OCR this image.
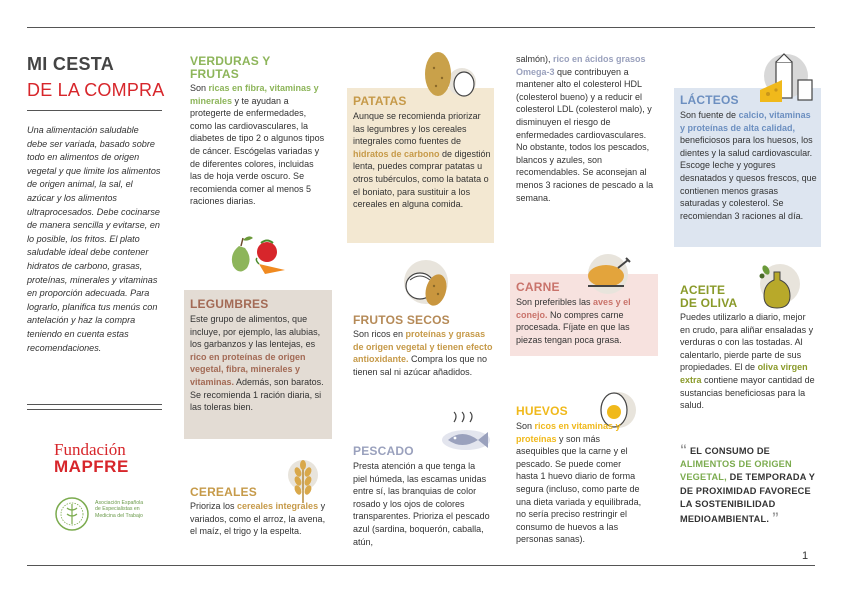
MI CESTA
DE LA COMPRA
Una alimentación saludable debe ser variada, basado sobre todo en alimentos de origen vegetal y que limite los alimentos de origen animal, la sal, el azúcar y los alimentos ultraprocesados. Debe cocinarse de manera sencilla y evitarse, en lo posible, los fritos. El plato saludable ideal debe contener hidratos de carbono, grasas, proteínas, minerales y vitaminas en proporción adecuada. Para lograrlo, planifica tus menús con antelación y haz la compra teniendo en cuenta estas recomendaciones.
Fundación
MAPFRE
Asociación Española de Especialistas en Medicina del Trabajo
VERDURAS Y
FRUTAS
Son ricas en fibra, vitaminas y minerales y te ayudan a protegerte de enfermedades, como las cardiovasculares, la diabetes de tipo 2 o algunos tipos de cáncer. Escógelas variadas y de diferentes colores, incluidas las de hoja verde oscuro. Se recomienda comer al menos 5 raciones diarias.
LEGUMBRES
Este grupo de alimentos, que incluye, por ejemplo, las alubias, los garbanzos y las lentejas, es rico en proteínas de origen vegetal, fibra, minerales y vitaminas. Además, son baratos. Se recomienda 1 ración diaria, si las toleras bien.
CEREALES
Prioriza los cereales integrales y variados, como el arroz, la avena, el maíz, el trigo y la espelta.
PATATAS
Aunque se recomienda priorizar las legumbres y los cereales integrales como fuentes de hidratos de carbono de digestión lenta, puedes comprar patatas u otros tubérculos, como la batata o el boniato, para sustituir a los cereales en alguna comida.
FRUTOS SECOS
Son ricos en proteínas y grasas de origen vegetal y tienen efecto antioxidante. Compra los que no tienen sal ni azúcar añadidos.
PESCADO
Presta atención a que tenga la piel húmeda, las escamas unidas entre sí, las branquias de color rosado y los ojos de colores transparentes. Prioriza el pescado azul (sardina, boquerón, caballa, atún,
salmón), rico en ácidos grasos Omega-3 que contribuyen a mantener alto el colesterol HDL (colesterol bueno) y a reducir el colesterol LDL (colesterol malo), y disminuyen el riesgo de enfermedades cardiovasculares. No obstante, todos los pescados, blancos y azules, son recomendables. Se aconsejan al menos 3 raciones de pescado a la semana.
CARNE
Son preferibles las aves y el conejo. No compres carne procesada. Fíjate en que las piezas tengan poca grasa.
HUEVOS
Son ricos en vitaminas y proteínas y son más asequibles que la carne y el pescado. Se puede comer hasta 1 huevo diario de forma segura (incluso, como parte de una dieta variada y equilibrada, no sería preciso restringir el consumo de huevos a las personas sanas).
LÁCTEOS
Son fuente de calcio, vitaminas y proteínas de alta calidad, beneficiosos para los huesos, los dientes y la salud cardiovascular. Escoge leche y yogures desnatados y quesos frescos, que contienen menos grasas saturadas y colesterol. Se recomiendan 3 raciones al día.
ACEITE
DE OLIVA
Puedes utilizarlo a diario, mejor en crudo, para aliñar ensaladas y verduras o con las tostadas. Al calentarlo, pierde parte de sus propiedades. El de oliva virgen extra contiene mayor cantidad de sustancias beneficiosas para la salud.
“ EL CONSUMO DE ALIMENTOS DE ORIGEN VEGETAL, DE TEMPORADA Y DE PROXIMIDAD FAVORECE LA SOSTENIBILIDAD MEDIOAMBIENTAL. ”
1
